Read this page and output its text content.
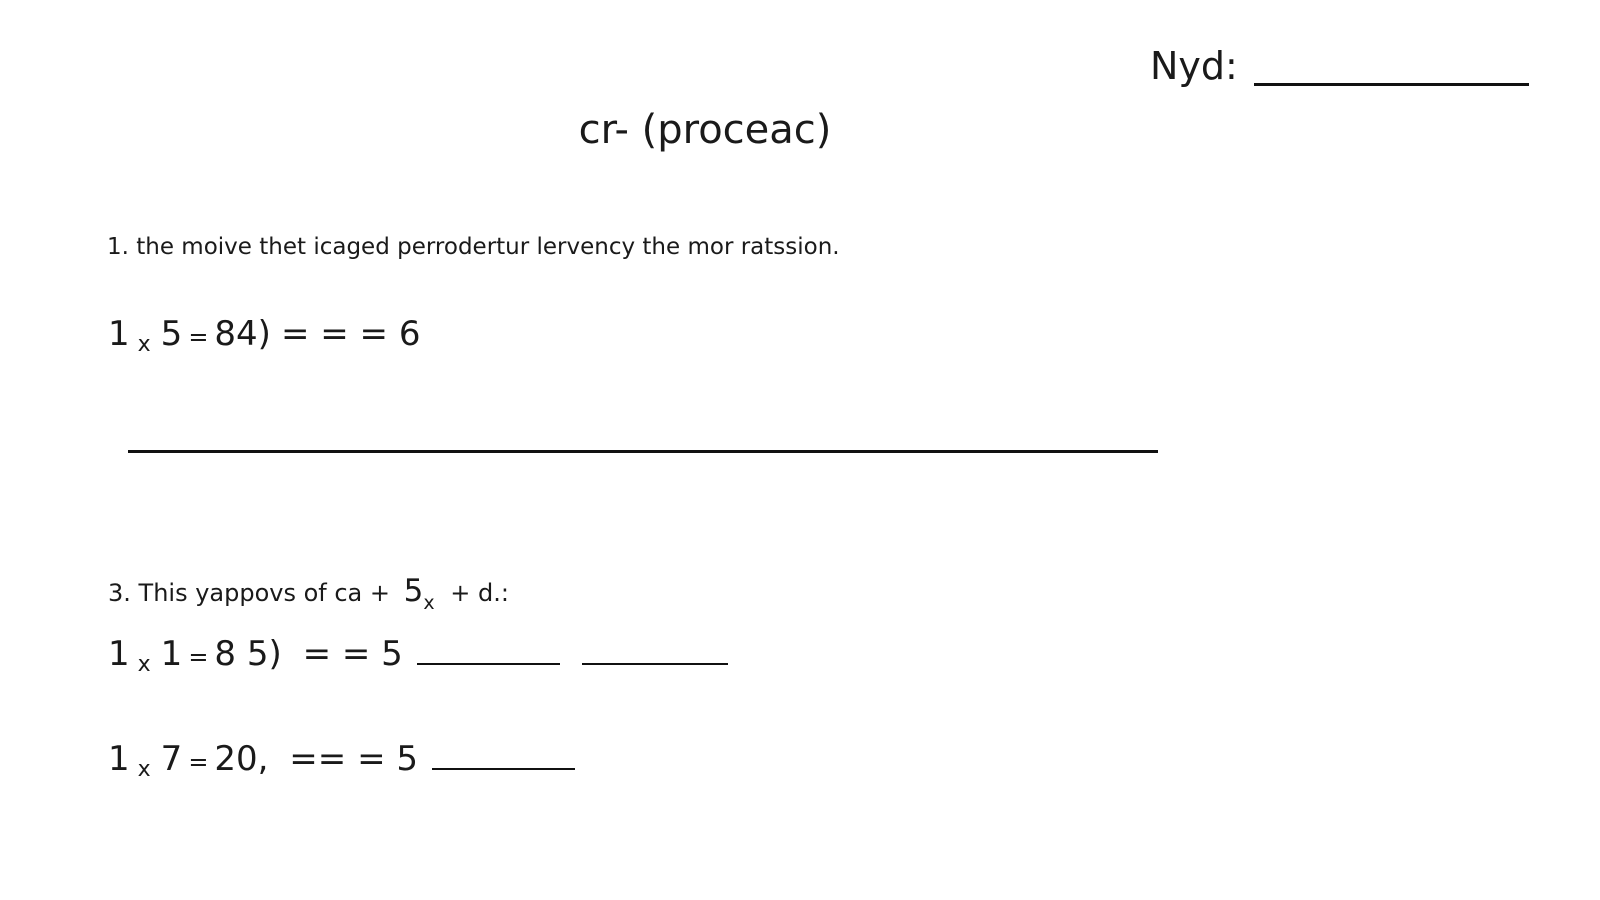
Nyd:
cr- (proceac)
1. the moive thet icaged perrodertur lervency the mor ratssion.
1 x 5 = 84) = = = 6
3. This yappovs of ca + 5 x + d.:
1 x 1 = 8 5) = = 5
1 x 7 = 20, == = 5
